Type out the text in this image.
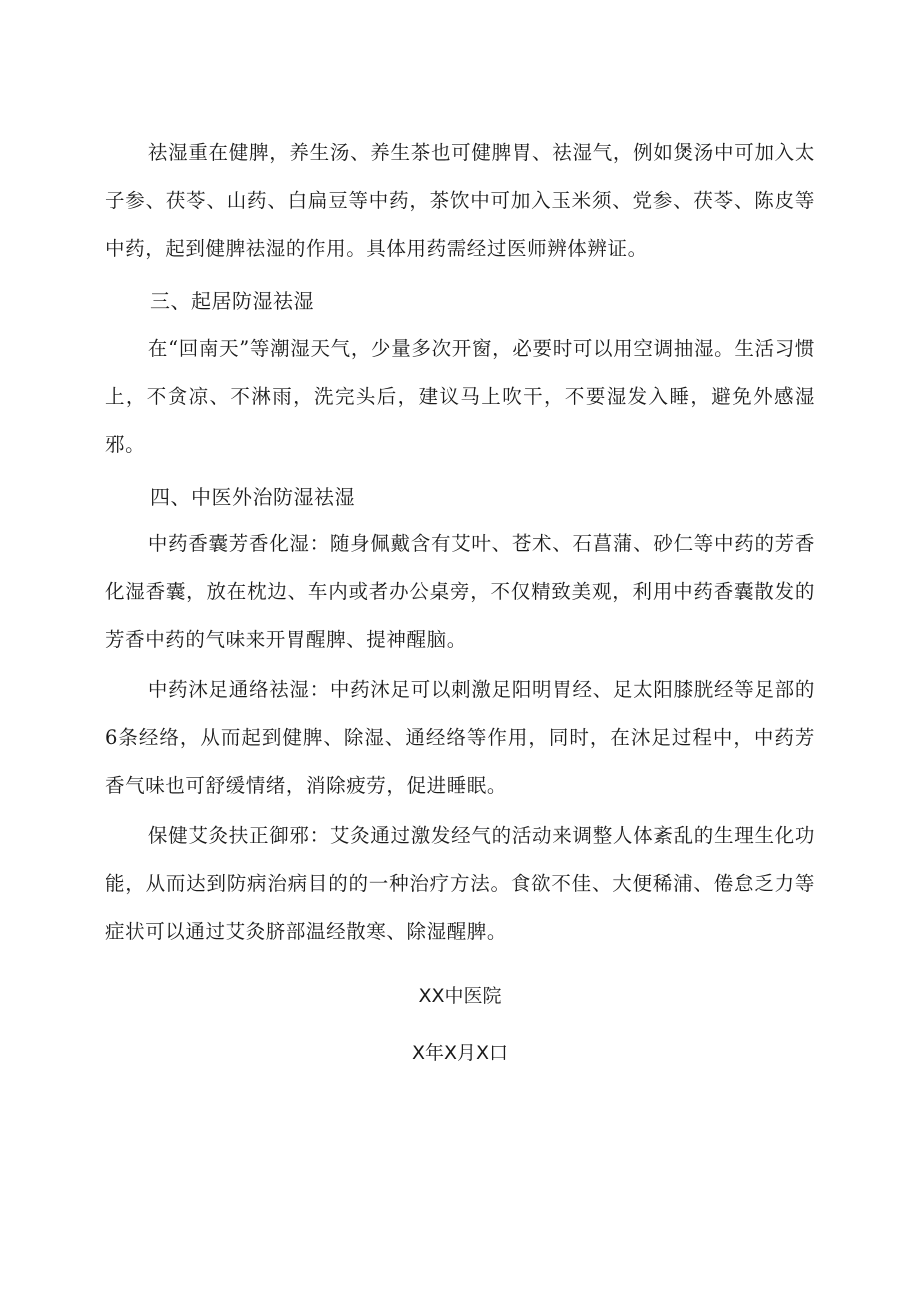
祛湿重在健脾，养生汤、养生茶也可健脾胃、祛湿气，例如煲汤中可加入太子参、茯苓、山药、白扁豆等中药，茶饮中可加入玉米须、党参、茯苓、陈皮等中药，起到健脾祛湿的作用。具体用药需经过医师辨体辨证。

三、起居防湿祛湿

在“回南天”等潮湿天气，少量多次开窗，必要时可以用空调抽湿。生活习惯上，不贪凉、不淋雨，洗完头后，建议马上吹干，不要湿发入睡，避免外感湿邪。

四、中医外治防湿祛湿

中药香囊芳香化湿：随身佩戴含有艾叶、苍术、石菖蒲、砂仁等中药的芳香化湿香囊，放在枕边、车内或者办公桌旁，不仅精致美观，利用中药香囊散发的芳香中药的气味来开胃醒脾、提神醒脑。

中药沐足通络祛湿：中药沐足可以刺激足阳明胃经、足太阳膝胱经等足部的6条经络，从而起到健脾、除湿、通经络等作用，同时，在沐足过程中，中药芳香气味也可舒缓情绪，消除疲劳，促进睡眠。

保健艾灸扶正御邪：艾灸通过激发经气的活动来调整人体紊乱的生理生化功能，从而达到防病治病目的的一种治疗方法。食欲不佳、大便稀浦、倦怠乏力等症状可以通过艾灸脐部温经散寒、除湿醒脾。

XX中医院

X年X月X口
